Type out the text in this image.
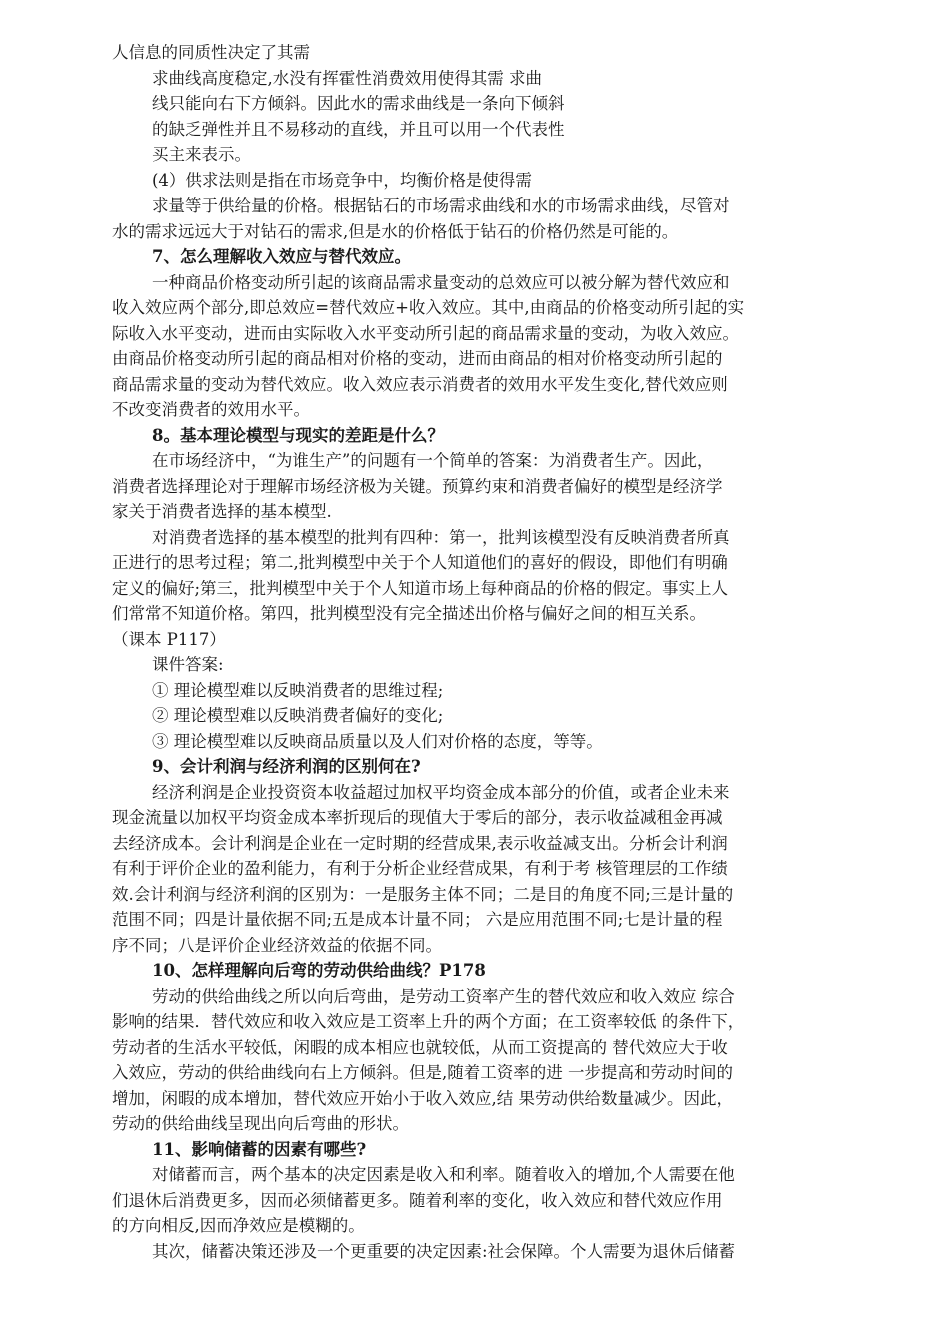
人信息的同质性决定了其需
求曲线高度稳定,水没有挥霍性消费效用使得其需 求曲
线只能向右下方倾斜。因此水的需求曲线是一条向下倾斜
的缺乏弹性并且不易移动的直线，并且可以用一个代表性
买主来表示。
(4）供求法则是指在市场竞争中，均衡价格是使得需
求量等于供给量的价格。根据钻石的市场需求曲线和水的市场需求曲线，尽管对
水的需求远远大于对钻石的需求,但是水的价格低于钻石的价格仍然是可能的。
7、怎么理解收入效应与替代效应。
一种商品价格变动所引起的该商品需求量变动的总效应可以被分解为替代效应和
收入效应两个部分,即总效应=替代效应+收入效应。其中,由商品的价格变动所引起的实
际收入水平变动，进而由实际收入水平变动所引起的商品需求量的变动，为收入效应。
由商品价格变动所引起的商品相对价格的变动，进而由商品的相对价格变动所引起的
商品需求量的变动为替代效应。收入效应表示消费者的效用水平发生变化,替代效应则
不改变消费者的效用水平。
8。基本理论模型与现实的差距是什么？
在市场经济中，“为谁生产”的问题有一个简单的答案：为消费者生产。因此，
消费者选择理论对于理解市场经济极为关键。预算约束和消费者偏好的模型是经济学
家关于消费者选择的基本模型.
对消费者选择的基本模型的批判有四种：第一，批判该模型没有反映消费者所真
正进行的思考过程；第二,批判模型中关于个人知道他们的喜好的假设，即他们有明确
定义的偏好;第三，批判模型中关于个人知道市场上每种商品的价格的假定。事实上人
们常常不知道价格。第四，批判模型没有完全描述出价格与偏好之间的相互关系。
（课本 P117）
课件答案:
① 理论模型难以反映消费者的思维过程;
② 理论模型难以反映消费者偏好的变化;
③ 理论模型难以反映商品质量以及人们对价格的态度，等等。
9、会计利润与经济利润的区别何在?
经济利润是企业投资资本收益超过加权平均资金成本部分的价值，或者企业未来
现金流量以加权平均资金成本率折现后的现值大于零后的部分，表示收益减租金再减
去经济成本。会计利润是企业在一定时期的经营成果,表示收益减支出。分析会计利润
有利于评价企业的盈利能力，有利于分析企业经营成果，有利于考 核管理层的工作绩
效.会计利润与经济利润的区别为：一是服务主体不同；二是目的角度不同;三是计量的
范围不同；四是计量依据不同;五是成本计量不同； 六是应用范围不同;七是计量的程
序不同；八是评价企业经济效益的依据不同。
10、怎样理解向后弯的劳动供给曲线？P178
劳动的供给曲线之所以向后弯曲，是劳动工资率产生的替代效应和收入效应 综合
影响的结果．替代效应和收入效应是工资率上升的两个方面；在工资率较低 的条件下，
劳动者的生活水平较低，闲暇的成本相应也就较低，从而工资提高的 替代效应大于收
入效应，劳动的供给曲线向右上方倾斜。但是,随着工资率的进 一步提高和劳动时间的
增加，闲暇的成本增加，替代效应开始小于收入效应,结 果劳动供给数量减少。因此，
劳动的供给曲线呈现出向后弯曲的形状。
11、影响储蓄的因素有哪些?
对储蓄而言，两个基本的决定因素是收入和利率。随着收入的增加,个人需要在他
们退休后消费更多，因而必须储蓄更多。随着利率的变化，收入效应和替代效应作用
的方向相反,因而净效应是模糊的。
其次，储蓄决策还涉及一个更重要的决定因素:社会保障。个人需要为退休后储蓄
